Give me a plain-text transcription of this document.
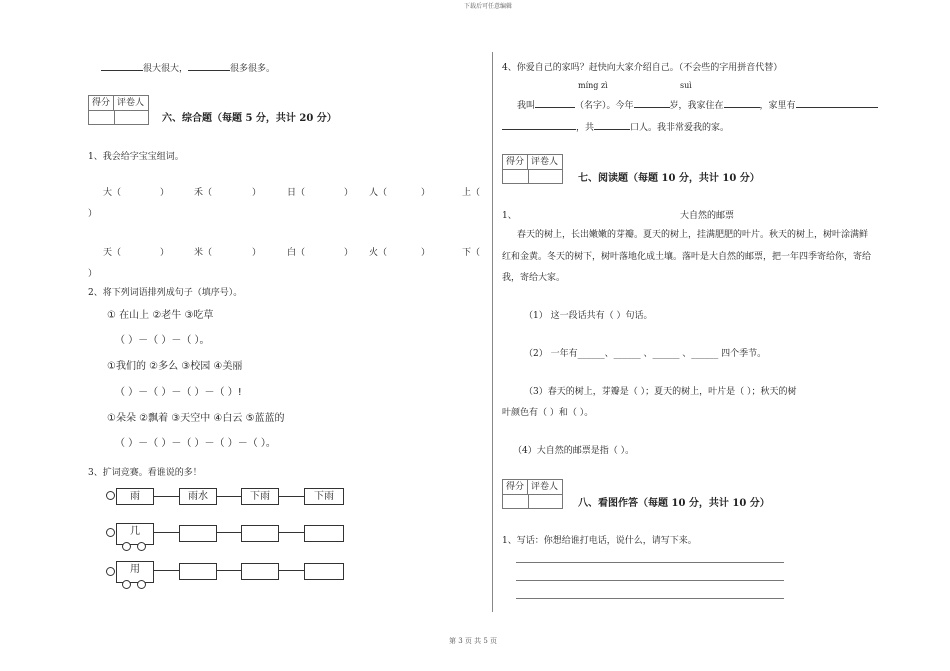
下载后可任意编辑
第 3 页 共 5 页
很大很大，	很多很多。
得分 评卷人
六、综合题（每题 5 分，共计 20 分）
1、我会给字宝宝组词。
大（	）	禾（	）	日（	） 人（	）	上（
）
天（	）	米（	）	白（	） 火（	）	下（
）
2、将下列词语排列成句子（填序号）。
① 在山上 ②老牛 ③吃草
（ ）－（ ）－（ ）。
①我们的 ②多么 ③校园 ④美丽
（ ）－（ ）－（ ）－（ ）!
①朵朵 ②飘着 ③天空中 ④白云 ⑤蓝蓝的
（ ）－（ ）－（ ）－（ ）－（ ）。
3、扩词竞赛。看谁说的多！
雨	雨水	下雨	下雨
几
用
4、你爱自己的家吗？赶快向大家介绍自己。（不会些的字用拼音代替）
míng zì	suì
我叫	（名字）。今年	岁，我家住在	，家里有
，共	口人。我非常爱我的家。
得分 评卷人
七、阅读题（每题 10 分，共计 10 分）
1、	大自然的邮票
春天的树上，长出嫩嫩的芽瓣。夏天的树上，挂满肥肥的叶片。秋天的树上，树叶涂满鲜
红和金黄。冬天的树下，树叶落地化成土壤。落叶是大自然的邮票，把一年四季寄给你，寄给
我，寄给大家。
（1） 这一段话共有（ ）句话。
（2） 一年有______、______ 、______ 、______ 四个季节。
（3）春天的树上，芽瓣是（ ）；夏天的树上，叶片是（ ）；秋天的树
叶颜色有（ ）和（ ）。
（4）大自然的邮票是指（ ）。
得分 评卷人
八、看图作答（每题 10 分，共计 10 分）
1、写话：你想给谁打电话，说什么，请写下来。
